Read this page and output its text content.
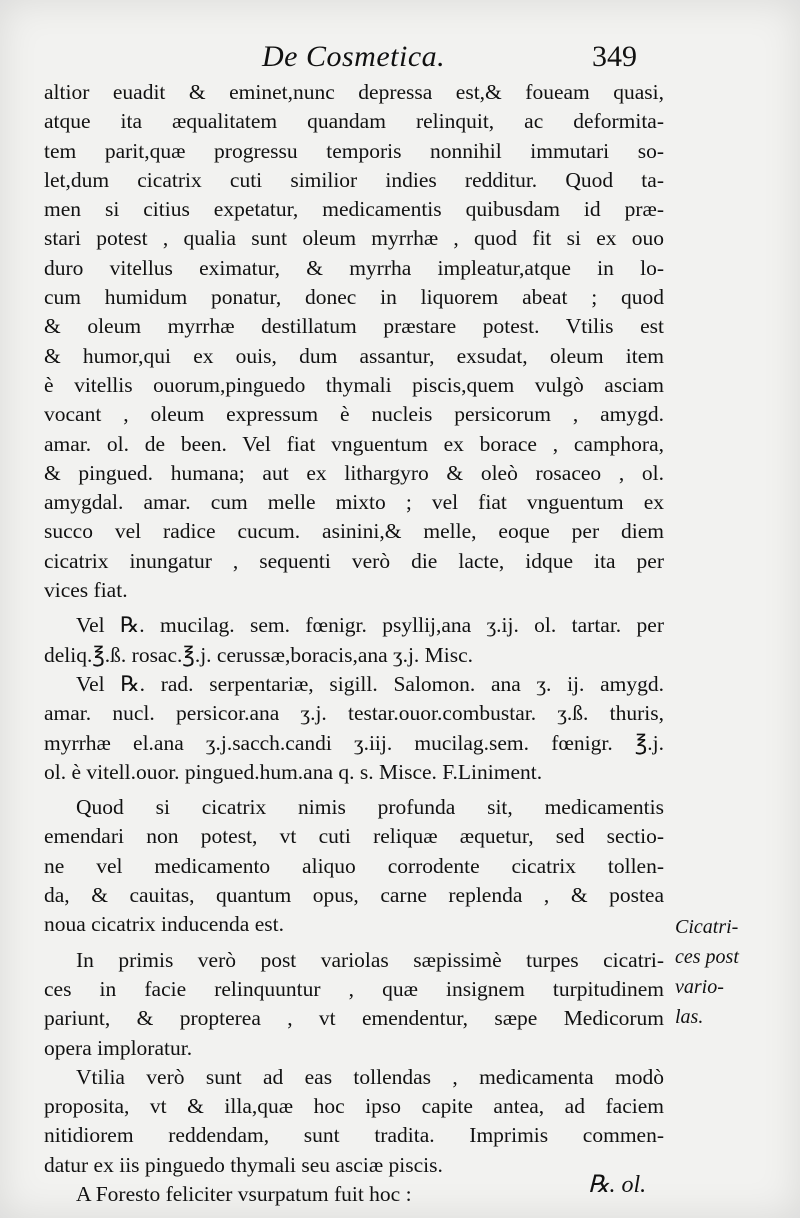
De Cosmetica.	349
altior euadit & eminet,nunc depressa est,& foueam quasi,
atque ita æqualitatem quandam relinquit, ac deformita-
tem parit,quæ progressu temporis nonnihil immutari so-
let,dum cicatrix cuti similior indies redditur. Quod ta-
men si citius expetatur, medicamentis quibusdam id præ-
stari potest , qualia sunt oleum myrrhæ , quod fit si ex ouo
duro vitellus eximatur, & myrrha impleatur,atque in lo-
cum humidum ponatur, donec in liquorem abeat ; quod
& oleum myrrhæ destillatum præstare potest. Vtilis est
& humor,qui ex ouis, dum assantur, exsudat, oleum item
è vitellis ouorum,pinguedo thymali piscis,quem vulgò asciam
vocant , oleum expressum è nucleis persicorum , amygd.
amar. ol. de been. Vel fiat vnguentum ex borace , camphora,
& pingued. humana; aut ex lithargyro & oleò rosaceo , ol.
amygdal. amar. cum melle mixto ; vel fiat vnguentum ex
succo vel radice cucum. asinini,& melle, eoque per diem
cicatrix inungatur , sequenti verò die lacte, idque ita per
vices fiat.
Vel ℞. mucilag. sem. fœnigr. psyllij,ana ʒ.ij. ol. tartar. per
deliq.℥.ß. rosac.℥.j. cerussæ,boracis,ana ʒ.j. Misc.
Vel ℞. rad. serpentariæ, sigill. Salomon. ana ʒ. ij. amygd.
amar. nucl. persicor.ana ʒ.j. testar.ouor.combustar. ʒ.ß. thuris,
myrrhæ el.ana ʒ.j.sacch.candi ʒ.iij. mucilag.sem. fœnigr. ℥.j.
ol. è vitell.ouor. pingued.hum.ana q. s. Misce. F.Liniment.
Quod si cicatrix nimis profunda sit, medicamentis
emendari non potest, vt cuti reliquæ æquetur, sed sectio-
ne vel medicamento aliquo corrodente cicatrix tollen-
da, & cauitas, quantum opus, carne replenda , & postea
noua cicatrix inducenda est.
In primis verò post variolas sæpissimè turpes cicatri-
ces in facie relinquuntur , quæ insignem turpitudinem
pariunt, & propterea , vt emendentur, sæpe Medicorum
opera imploratur.
Vtilia verò sunt ad eas tollendas , medicamenta modò
proposita, vt & illa,quæ hoc ipso capite antea, ad faciem
nitidiorem reddendam, sunt tradita. Imprimis commen-
datur ex iis pinguedo thymali seu asciæ piscis.
A Foresto feliciter vsurpatum fuit hoc :
Cicatri-
ces post
vario-
las.
℞. ol.
